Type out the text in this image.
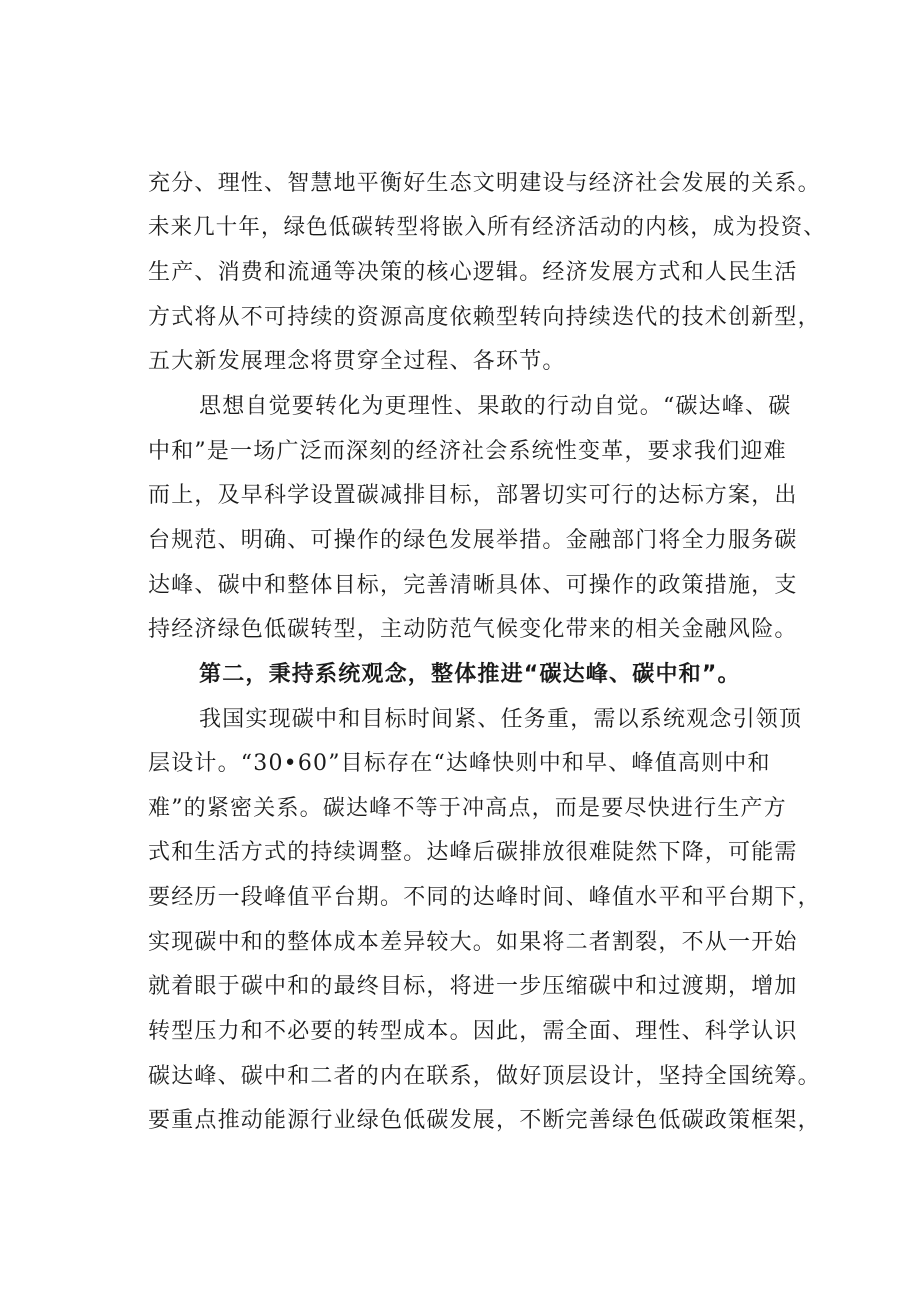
充分、理性、智慧地平衡好生态文明建设与经济社会发展的关系。
未来几十年，绿色低碳转型将嵌入所有经济活动的内核，成为投资、
生产、消费和流通等决策的核心逻辑。经济发展方式和人民生活
方式将从不可持续的资源高度依赖型转向持续迭代的技术创新型，
五大新发展理念将贯穿全过程、各环节。
思想自觉要转化为更理性、果敢的行动自觉。“碳达峰、碳
中和”是一场广泛而深刻的经济社会系统性变革，要求我们迎难
而上，及早科学设置碳减排目标，部署切实可行的达标方案，出
台规范、明确、可操作的绿色发展举措。金融部门将全力服务碳
达峰、碳中和整体目标，完善清晰具体、可操作的政策措施，支
持经济绿色低碳转型，主动防范气候变化带来的相关金融风险。
第二，秉持系统观念，整体推进“碳达峰、碳中和”。
我国实现碳中和目标时间紧、任务重，需以系统观念引领顶
层设计。“30•60”目标存在“达峰快则中和早、峰值高则中和
难”的紧密关系。碳达峰不等于冲高点，而是要尽快进行生产方
式和生活方式的持续调整。达峰后碳排放很难陡然下降，可能需
要经历一段峰值平台期。不同的达峰时间、峰值水平和平台期下，
实现碳中和的整体成本差异较大。如果将二者割裂，不从一开始
就着眼于碳中和的最终目标，将进一步压缩碳中和过渡期，增加
转型压力和不必要的转型成本。因此，需全面、理性、科学认识
碳达峰、碳中和二者的内在联系，做好顶层设计，坚持全国统筹。
要重点推动能源行业绿色低碳发展，不断完善绿色低碳政策框架，
